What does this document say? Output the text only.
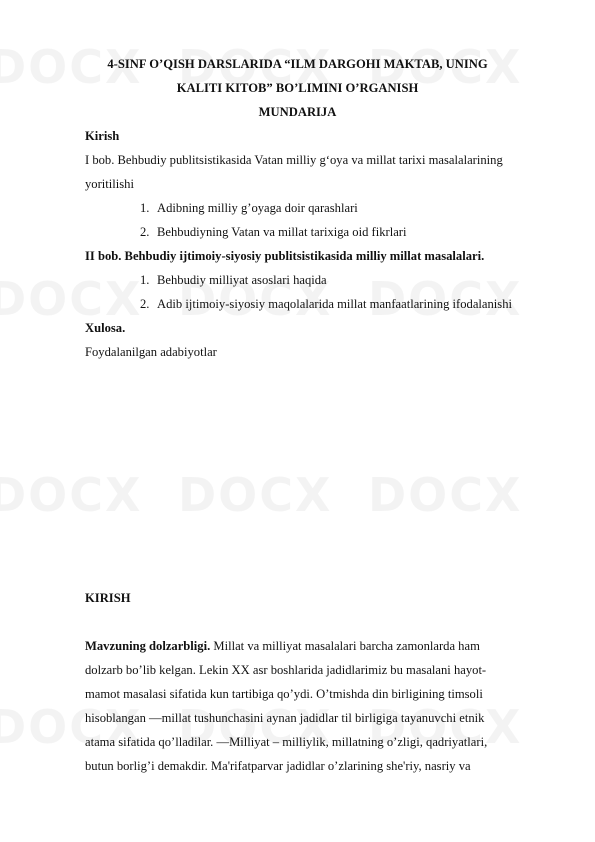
4-SINF O’QISH DARSLARIDA “ILM DARGOHI MAKTAB, UNING
KALITI KITOB” BO’LIMINI O’RGANISH
MUNDARIJA
Kirish
I bob. Behbudiy publitsistikasida Vatan milliy g‘oya va millat tarixi masalalarining
yoritilishi
1. Adibning milliy g’oyaga doir qarashlari
2. Behbudiyning Vatan va millat tarixiga oid fikrlari
II bob. Behbudiy ijtimoiy-siyosiy publitsistikasida milliy millat masalalari.
1. Behbudiy milliyat asoslari haqida
2. Adib ijtimoiy-siyosiy maqolalarida millat manfaatlarining ifodalanishi
Xulosa.
Foydalanilgan adabiyotlar
KIRISH
Mavzuning dolzarbligi. Millat va milliyat masalalari barcha zamonlarda ham
dolzarb bo’lib kelgan. Lekin XX asr boshlarida jadidlarimiz bu masalani hayot-
mamot masalasi sifatida kun tartibiga qo’ydi. O’tmishda din birligining timsoli
hisoblangan ―millat tushunchasini aynan jadidlar til birligiga tayanuvchi etnik
atama sifatida qo’lladilar. ―Milliyat – milliylik, millatning o’zligi, qadriyatlari,
butun borlig’i demakdir. Ma'rifatparvar jadidlar o’zlarining she'riy, nasriy va
